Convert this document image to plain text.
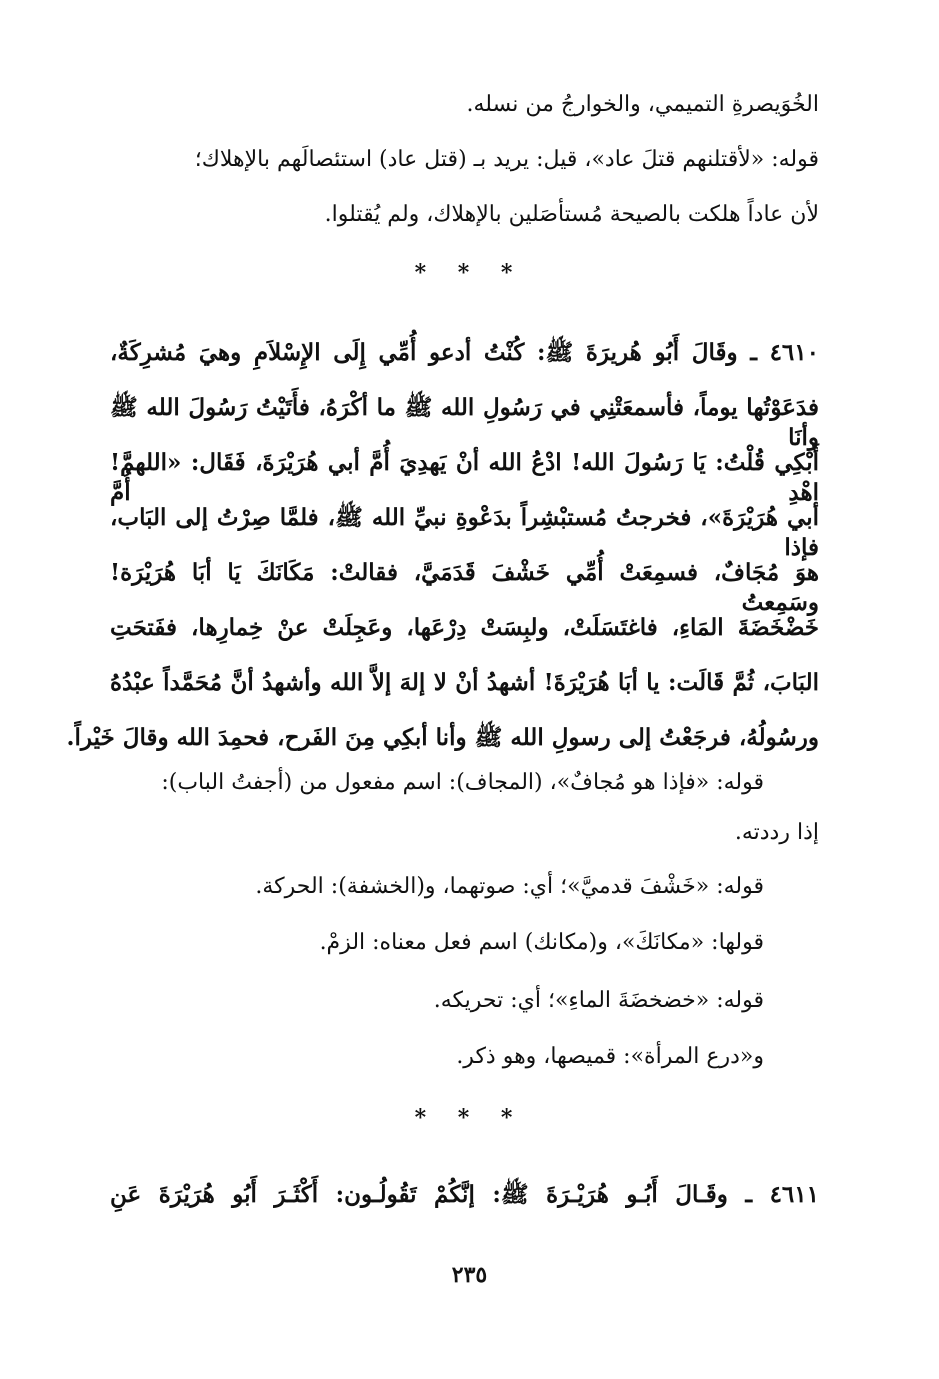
الخُوَيصرةِ التميمي، والخوارجُ من نسله.
قوله: «لأقتلنهم قتلَ عاد»، قيل: يريد بـ (قتل عاد) استئصالَهم بالإهلاك؛
لأن عاداً هلكت بالصيحة مُستأصَلين بالإهلاك، ولم يُقتلوا.
* * *
٤٦١٠ ـ وقَالَ أَبُو هُريرَةَ ﷺ: كُنْتُ أدعو أُمِّي إِلَى الإِسْلاَمِ وهيَ مُشرِكَةٌ،
فدَعَوْتُها يوماً، فأسمعَتْنِي في رَسُولِ الله ﷺ ما أكْرَهُ، فأَتَيْتُ رَسُولَ الله ﷺ وأنَا
أَبْكِي قُلْتُ: يَا رَسُولَ الله! ادْعُ الله أنْ يَهدِيَ أُمَّ أبي هُرَيْرَةَ، فَقَال: «اللهمَّ! اهْدِ أُمَّ
أبي هُرَيْرَةَ»، فخرجتُ مُستبْشِراً بدَعْوةِ نبيِّ الله ﷺ، فلمَّا صِرْتُ إلى البَاب، فإذا
هوَ مُجَافٌ، فسمِعَتْ أُمِّي خَشْفَ قَدَمَيَّ، فقالتْ: مَكَانَكَ يَا أبَا هُرَيْرَة! وسَمِعتُ
خَضْخَضَةَ المَاءِ، فاغتَسَلَتْ، ولبِسَتْ دِرْعَها، وعَجِلَتْ عنْ خِمارِها، ففَتحَتِ
البَابَ، ثُمَّ قَالَت: يا أبَا هُرَيْرَةَ! أشهدُ أنْ لا إلهَ إلاَّ الله وأشهدُ أنَّ مُحَمَّداً عبْدُهُ
ورسُولُهُ، فرجَعْتُ إلى رسولِ الله ﷺ وأنا أبكِي مِنَ الفَرح، فحمِدَ الله وقالَ خَيْراً.
قوله: «فإذا هو مُجافٌ»، (المجاف): اسم مفعول من (أجفتُ الباب):
إذا رددته.
قوله: «خَشْفَ قدميَّ»؛ أي: صوتهما، و(الخشفة): الحركة.
قولها: «مكانَكَ»، و(مكانك) اسم فعل معناه: الزمْ.
قوله: «خضخضَةَ الماءِ»؛ أي: تحريكه.
و«درع المرأة»: قميصها، وهو ذكر.
* * *
٤٦١١ ـ وقَـالَ أَبُـو هُرَيْـرَةَ ﷺ: إنَّكُمْ تَقُولُـون: أَكْثَـرَ أَبُو هُرَيْرَةَ عَنِ
٢٣٥
